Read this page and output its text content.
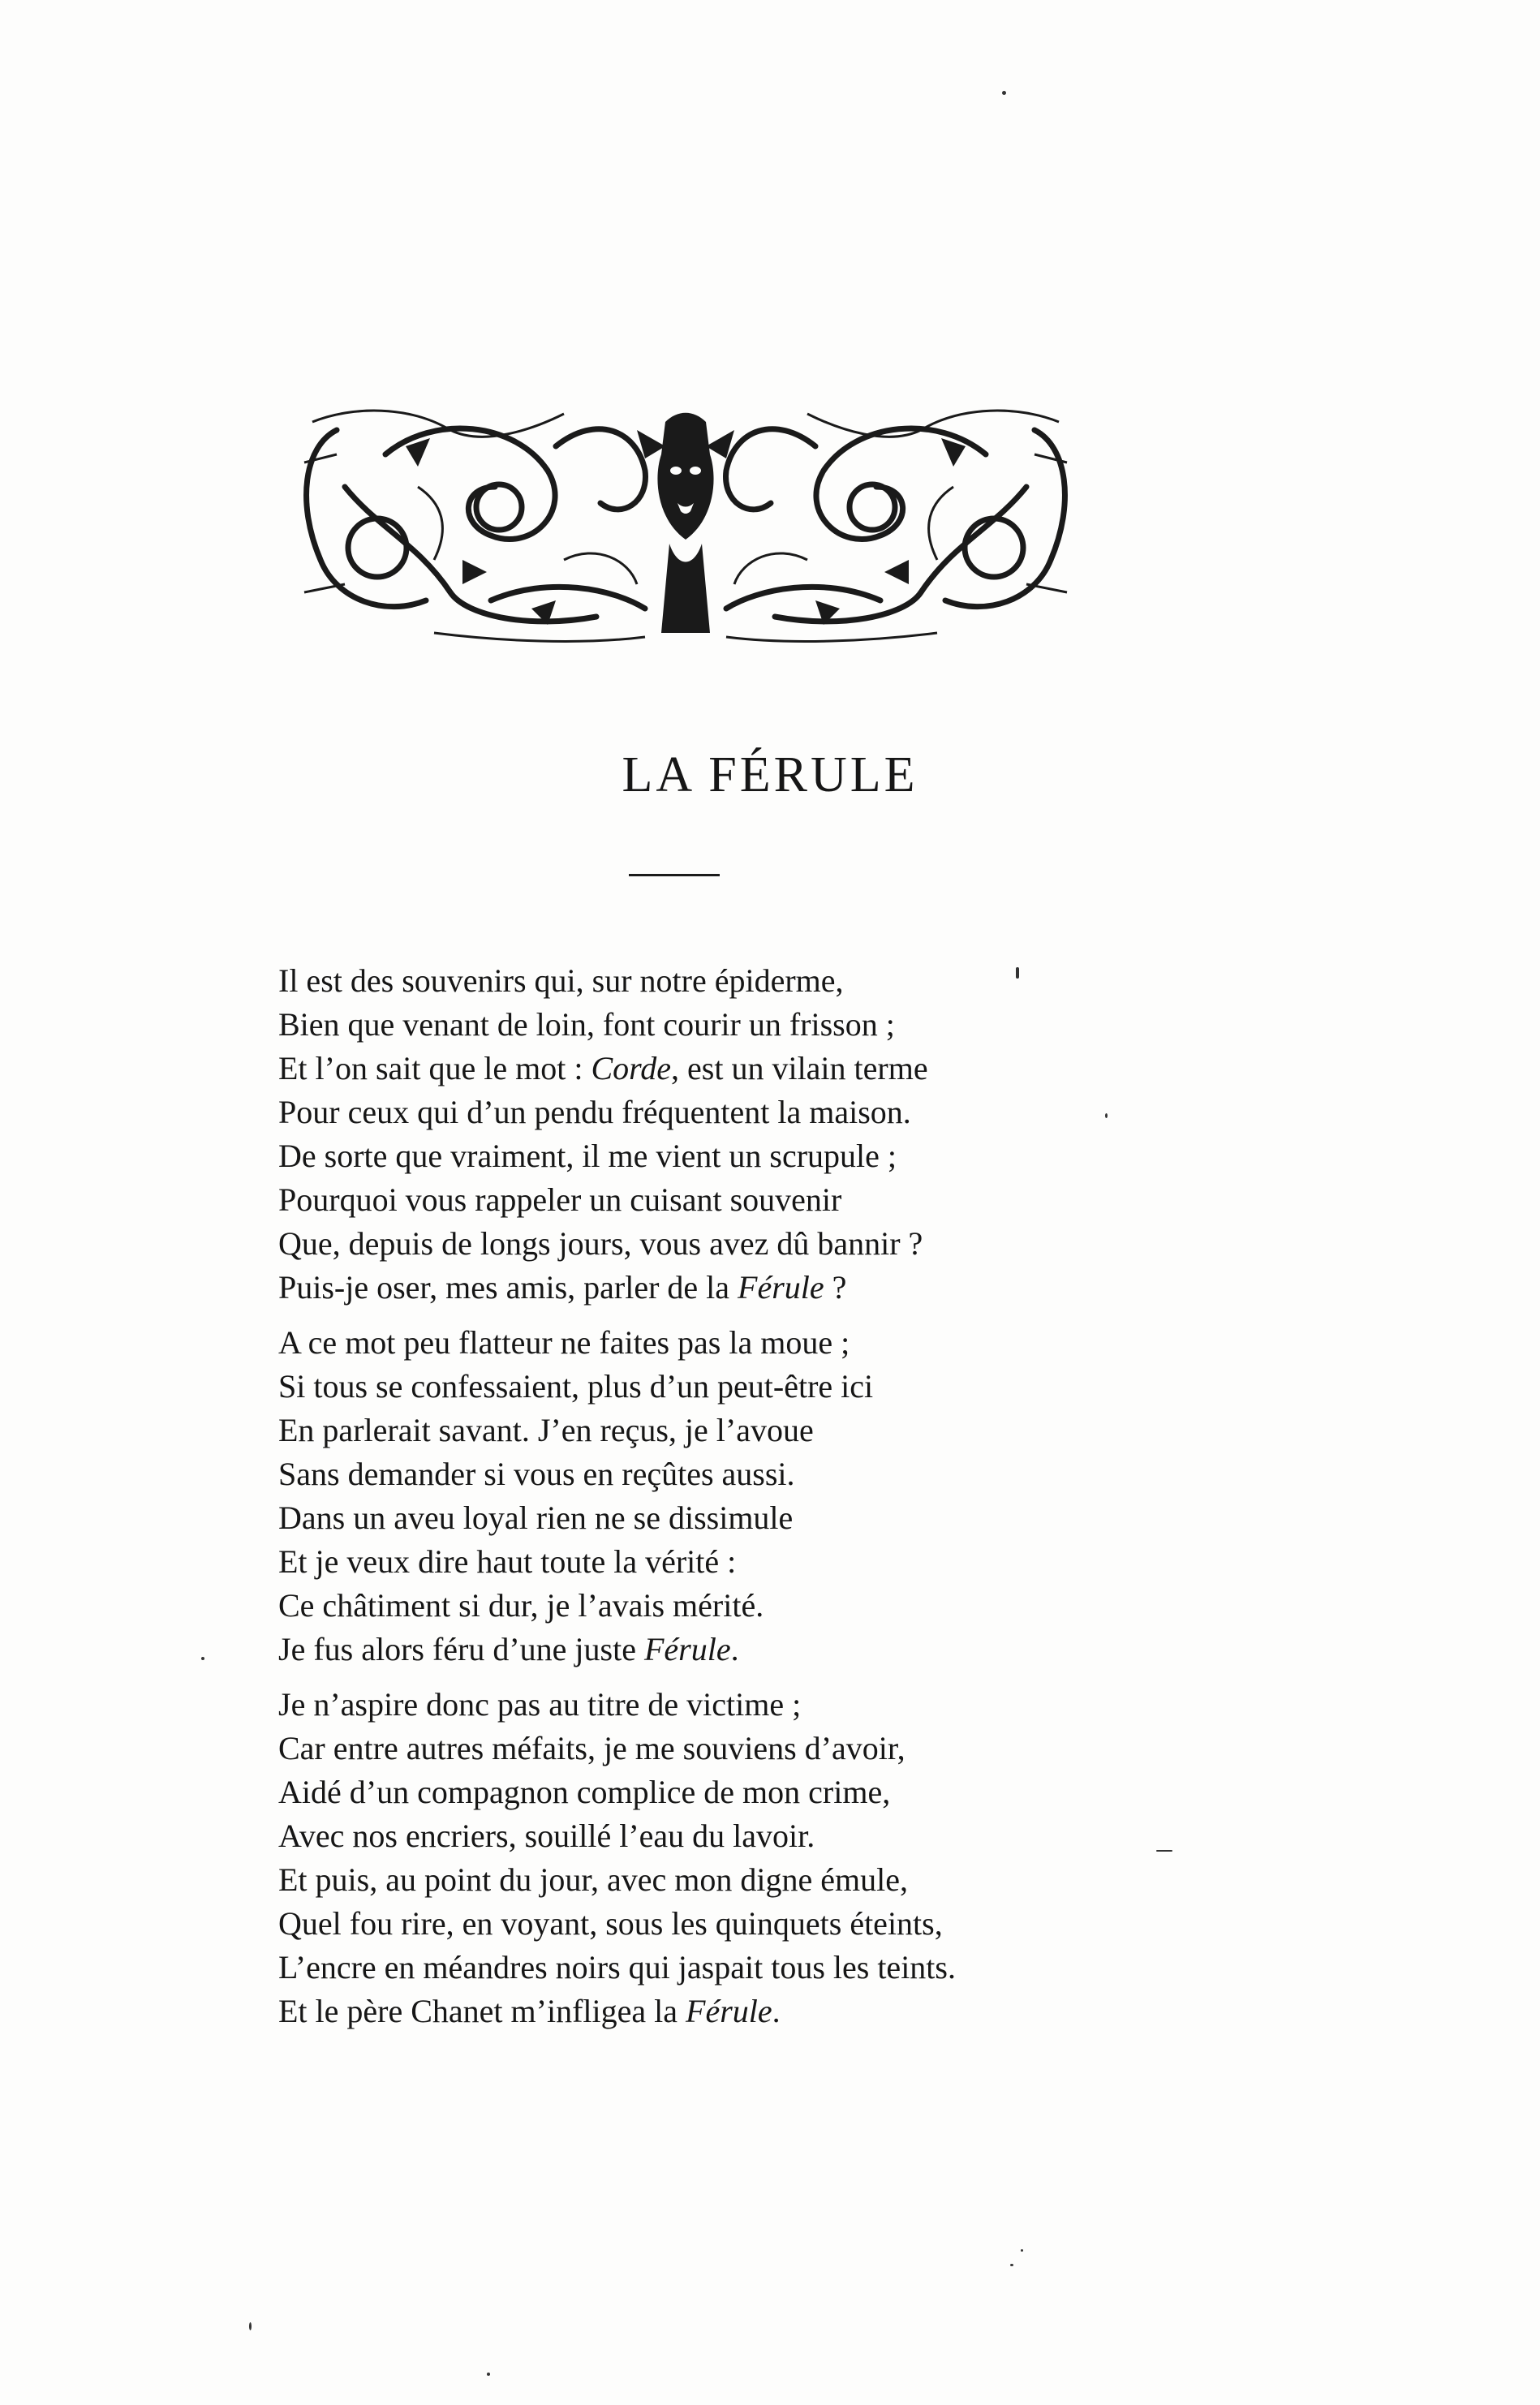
LA FÉRULE
Il est des souvenirs qui, sur notre épiderme,
Bien que venant de loin, font courir un frisson ;
Et l’on sait que le mot : Corde, est un vilain terme
Pour ceux qui d’un pendu fréquentent la maison.
De sorte que vraiment, il me vient un scrupule ;
Pourquoi vous rappeler un cuisant souvenir
Que, depuis de longs jours, vous avez dû bannir ?
Puis-je oser, mes amis, parler de la Férule ?
A ce mot peu flatteur ne faites pas la moue ;
Si tous se confessaient, plus d’un peut-être ici
En parlerait savant. J’en reçus, je l’avoue
Sans demander si vous en reçûtes aussi.
Dans un aveu loyal rien ne se dissimule
Et je veux dire haut toute la vérité :
Ce châtiment si dur, je l’avais mérité.
Je fus alors féru d’une juste Férule.
Je n’aspire donc pas au titre de victime ;
Car entre autres méfaits, je me souviens d’avoir,
Aidé d’un compagnon complice de mon crime,
Avec nos encriers, souillé l’eau du lavoir.
Et puis, au point du jour, avec mon digne émule,
Quel fou rire, en voyant, sous les quinquets éteints,
L’encre en méandres noirs qui jaspait tous les teints.
Et le père Chanet m’infligea la Férule.
